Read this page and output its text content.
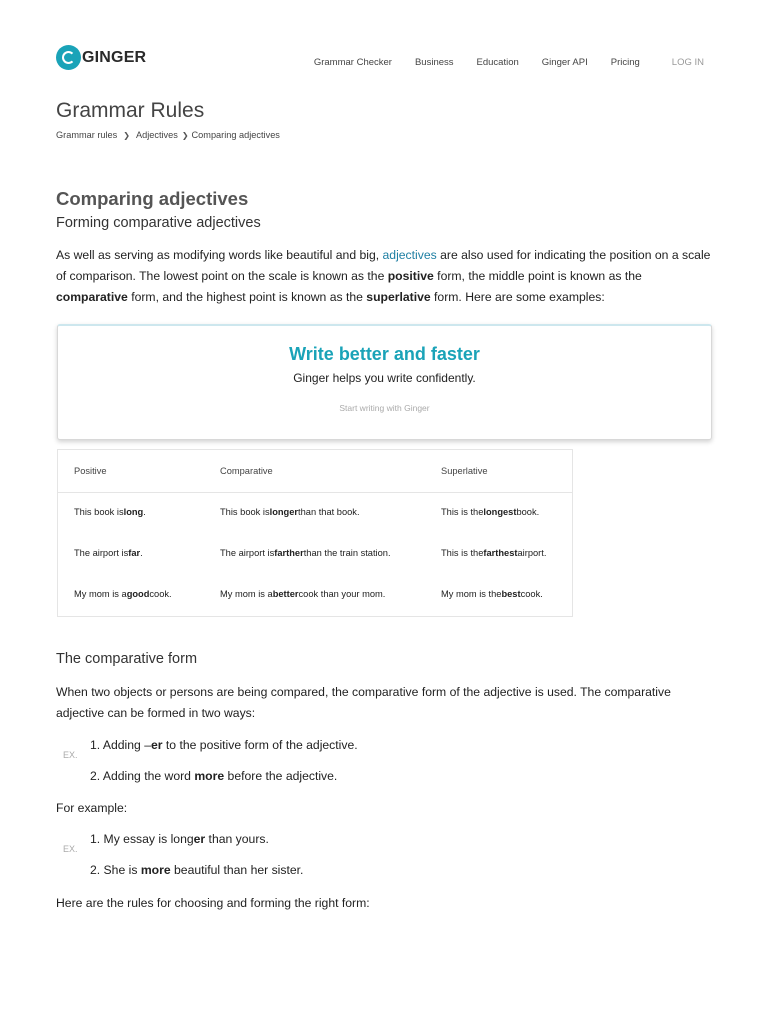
GINGER	Grammar Checker Business Education Ginger API Pricing	LOG IN
Grammar Rules
Grammar rules ❯ Adjectives ❯ Comparing adjectives
Comparing adjectives
Forming comparative adjectives

As well as serving as modifying words like beautiful and big, adjectives are also used for indicating the position on a scale of comparison. The lowest point on the scale is known as the positive form, the middle point is known as the comparative form, and the highest point is known as the superlative form. Here are some examples:

Write better and faster
Ginger helps you write confidently.
Start writing with Ginger
Positive	Comparative	Superlative
This book is long .	This book is longer than that book.	This is the longest book.
The airport is far .	The airport is farther than the train station.	This is the farthest airport.
My mom is a good cook.	My mom is a better cook than your mom.	My mom is the best cook.
The comparative form

When two objects or persons are being compared, the comparative form of the adjective is used. The comparative adjective can be formed in two ways:

EX.
1. Adding –er to the positive form of the adjective.
2. Adding the word more before the adjective.

For example:

EX.
1. My essay is longer than yours.
2. She is more beautiful than her sister.

Here are the rules for choosing and forming the right form:
